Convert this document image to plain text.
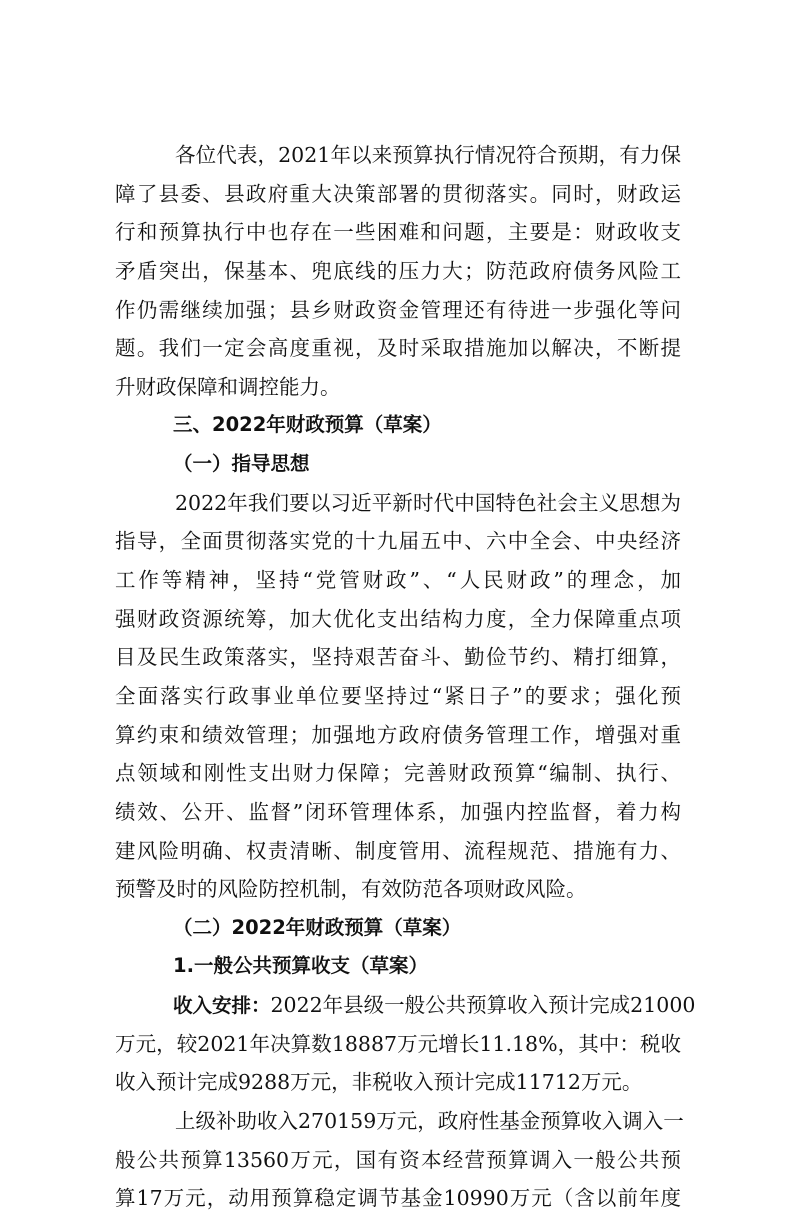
各位代表，2021年以来预算执行情况符合预期，有力保
障了县委、县政府重大决策部署的贯彻落实。同时，财政运
行和预算执行中也存在一些困难和问题，主要是：财政收支
矛盾突出，保基本、兜底线的压力大；防范政府债务风险工
作仍需继续加强；县乡财政资金管理还有待进一步强化等问
题。我们一定会高度重视，及时采取措施加以解决，不断提
升财政保障和调控能力。
三、2022年财政预算（草案）
（一）指导思想
2022年我们要以习近平新时代中国特色社会主义思想为
指导，全面贯彻落实党的十九届五中、六中全会、中央经济
工作等精神，坚持“党管财政”、“人民财政”的理念，加
强财政资源统筹，加大优化支出结构力度，全力保障重点项
目及民生政策落实，坚持艰苦奋斗、勤俭节约、精打细算，
全面落实行政事业单位要坚持过“紧日子”的要求；强化预
算约束和绩效管理；加强地方政府债务管理工作，增强对重
点领域和刚性支出财力保障；完善财政预算“编制、执行、
绩效、公开、监督”闭环管理体系，加强内控监督，着力构
建风险明确、权责清晰、制度管用、流程规范、措施有力、
预警及时的风险防控机制，有效防范各项财政风险。
（二）2022年财政预算（草案）
1.一般公共预算收支（草案）
收入安排：2022年县级一般公共预算收入预计完成21000
万元，较2021年决算数18887万元增长11.18%，其中：税收
收入预计完成9288万元，非税收入预计完成11712万元。
上级补助收入270159万元，政府性基金预算收入调入一
般公共预算13560万元，国有资本经营预算调入一般公共预
算17万元，动用预算稳定调节基金10990万元（含以前年度
